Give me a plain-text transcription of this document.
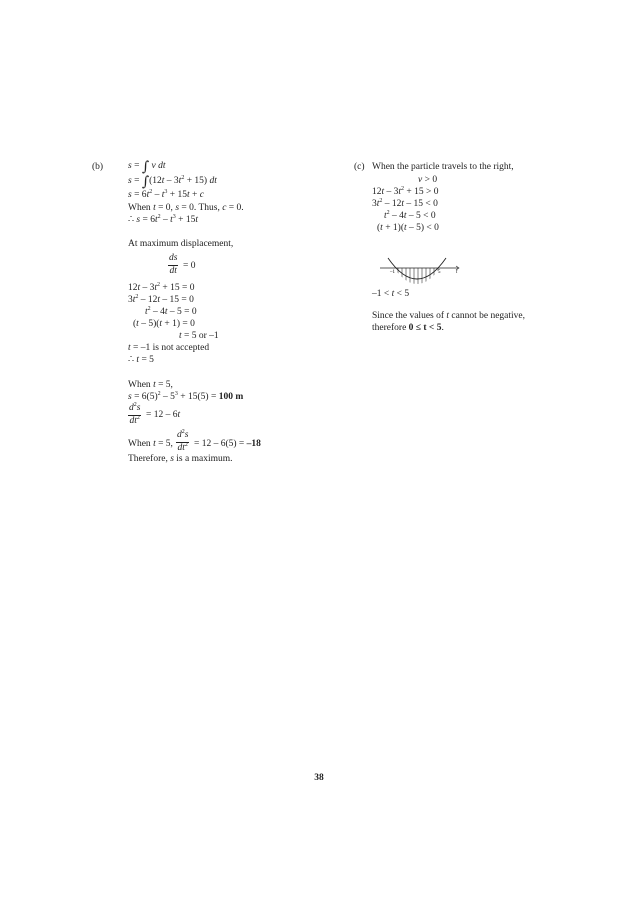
(b)	s = ∫ v dt
$s = \int(12t - 3t^2 + 15)$ dt
$s = 6t^2 - t^3 + 15t + c$
When t = 0, s = 0. Thus, c = 0.
∴ $s = 6t^2 - t^3 + 15t$
At maximum displacement,
$\frac{ds}{dt} = 0$
$12t - 3t^2 + 15 = 0$
$3t^2 - 12t - 15 = 0$
$t^2 - 4t - 5 = 0$
(t – 5)(t + 1) = 0
t = 5 or –1
t = –1 is not accepted
∴ t = 5
When t = 5,
$s = 6(5)^2 - 5^3 + 15(5) = 100$ m
$\frac{d^2s}{dt^2} = 12 - 6t$
When t = 5, $\frac{d^2s}{dt^2} = 12 - 6(5) = -18$
Therefore, s is a maximum.
(c) When the particle travels to the right,
v > 0
$12t - 3t^2 + 15 > 0$
$3t^2 - 12t - 15 < 0$
$t^2 - 4t - 5 < 0$
(t + 1)(t – 5) < 0
–1	5	t
–1 < t < 5
Since the values of t cannot be negative,
therefore 0 ≤ t < 5.
38
